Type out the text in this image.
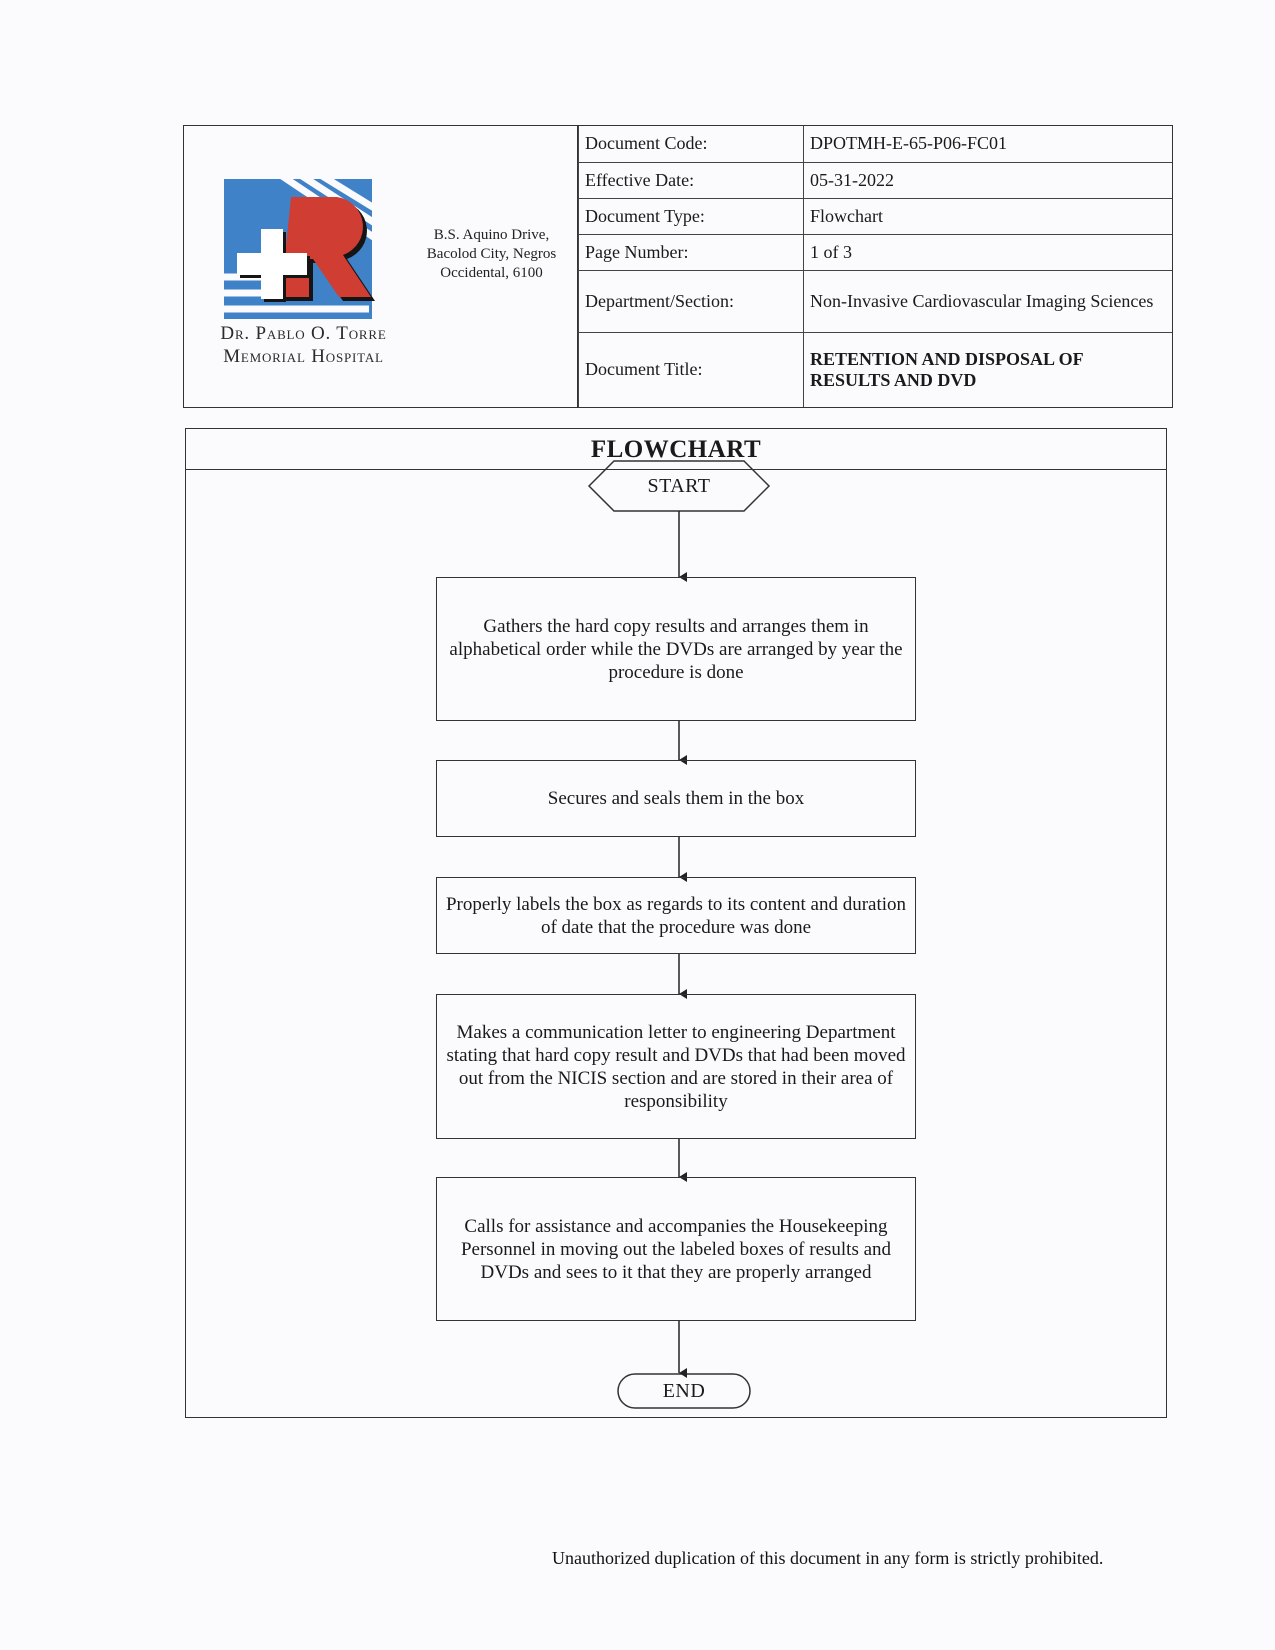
Dr. Pablo O. Torre
Memorial Hospital
B.S. Aquino Drive, Bacolod City, Negros Occidental, 6100
Document Code:	DPOTMH-E-65-P06-FC01
Effective Date:	05-31-2022
Document Type:	Flowchart
Page Number:	1 of 3
Department/Section:	Non-Invasive Cardiovascular Imaging Sciences
Document Title:	RETENTION AND DISPOSAL OF RESULTS AND DVD
FLOWCHART
START
Gathers the hard copy results and arranges them in alphabetical order while the DVDs are arranged by year the procedure is done
Secures and seals them in the box
Properly labels the box as regards to its content and duration of date that the procedure was done
Makes a communication letter to engineering Department stating that hard copy result and DVDs that had been moved out from the NICIS section and are stored in their area of responsibility
Calls for assistance and accompanies the Housekeeping Personnel in moving out the labeled boxes of results and DVDs and sees to it that they are properly arranged
END
Unauthorized duplication of this document in any form is strictly prohibited.
